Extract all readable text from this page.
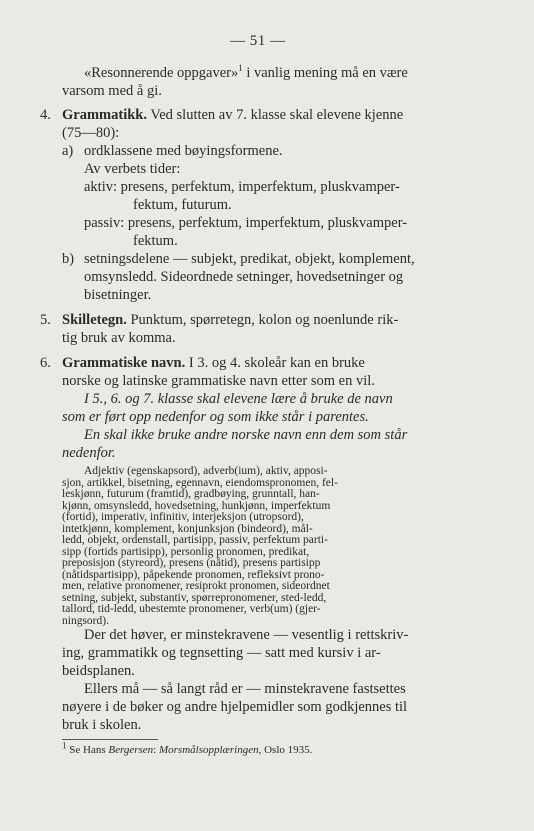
— 51 —
«Resonnerende oppgaver»$^1$ i vanlig mening må en være
varsom med å gi.
4. Grammatikk. Ved slutten av 7. klasse skal elevene kjenne
(75—80):
a) ordklassene med bøyingsformene.
Av verbets tider:
aktiv: presens, perfektum, imperfektum, pluskvamper-
fektum, futurum.
passiv: presens, perfektum, imperfektum, pluskvamper-
fektum.
b) setningsdelene — subjekt, predikat, objekt, komplement,
omsynsledd. Sideordnede setninger, hovedsetninger og
bisetninger.
5. Skilletegn. Punktum, spørretegn, kolon og noenlunde rik-
tig bruk av komma.
6. Grammatiske navn. I 3. og 4. skoleår kan en bruke
norske og latinske grammatiske navn etter som en vil.
I 5., 6. og 7. klasse skal elevene lære å bruke de navn
som er ført opp nedenfor og som ikke står i parentes.
En skal ikke bruke andre norske navn enn dem som står
nedenfor.
Adjektiv (egenskapsord), adverb(ium), aktiv, apposi-
sjon, artikkel, bisetning, egennavn, eiendomspronomen, fel-
leskjønn, futurum (framtid), gradbøying, grunntall, han-
kjønn, omsynsledd, hovedsetning, hunkjønn, imperfektum
(fortid), imperativ, infinitiv, interjeksjon (utropsord),
intetkjønn, komplement, konjunksjon (bindeord), mål-
ledd, objekt, ordenstall, partisipp, passiv, perfektum parti-
sipp (fortids partisipp), personlig pronomen, predikat,
preposisjon (styreord), presens (nåtid), presens partisipp
(nåtidspartisipp), påpekende pronomen, refleksivt prono-
men, relative pronomener, resiprokt pronomen, sideordnet
setning, subjekt, substantiv, spørrepronomener, sted-ledd,
tallord, tid-ledd, ubestemte pronomener, verb(um) (gjer-
ningsord).
Der det høver, er minstekravene — vesentlig i rettskriv-
ing, grammatikk og tegnsetting — satt med kursiv i ar-
beidsplanen.
Ellers må — så langt råd er — minstekravene fastsettes
nøyere i de bøker og andre hjelpemidler som godkjennes til
bruk i skolen.
$^1$ Se Hans Bergersen: Morsmålsopplæringen, Oslo 1935.
